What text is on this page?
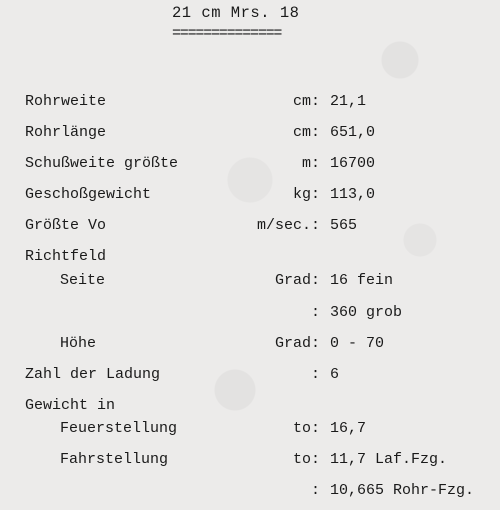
21 cm Mrs. 18
==============
Rohrweite	cm: 21,1
Rohrlänge	cm: 651,0
Schußweite größte	m: 16700
Geschoßgewicht	kg: 113,0
Größte Vo	m/sec.: 565
Richtfeld
Seite	Grad: 16 fein
: 360 grob
Höhe	Grad: 0 - 70
Zahl der Ladung	: 6
Gewicht in
Feuerstellung	to: 16,7
Fahrstellung	to: 11,7 Laf.Fzg.
: 10,665 Rohr-Fzg.
